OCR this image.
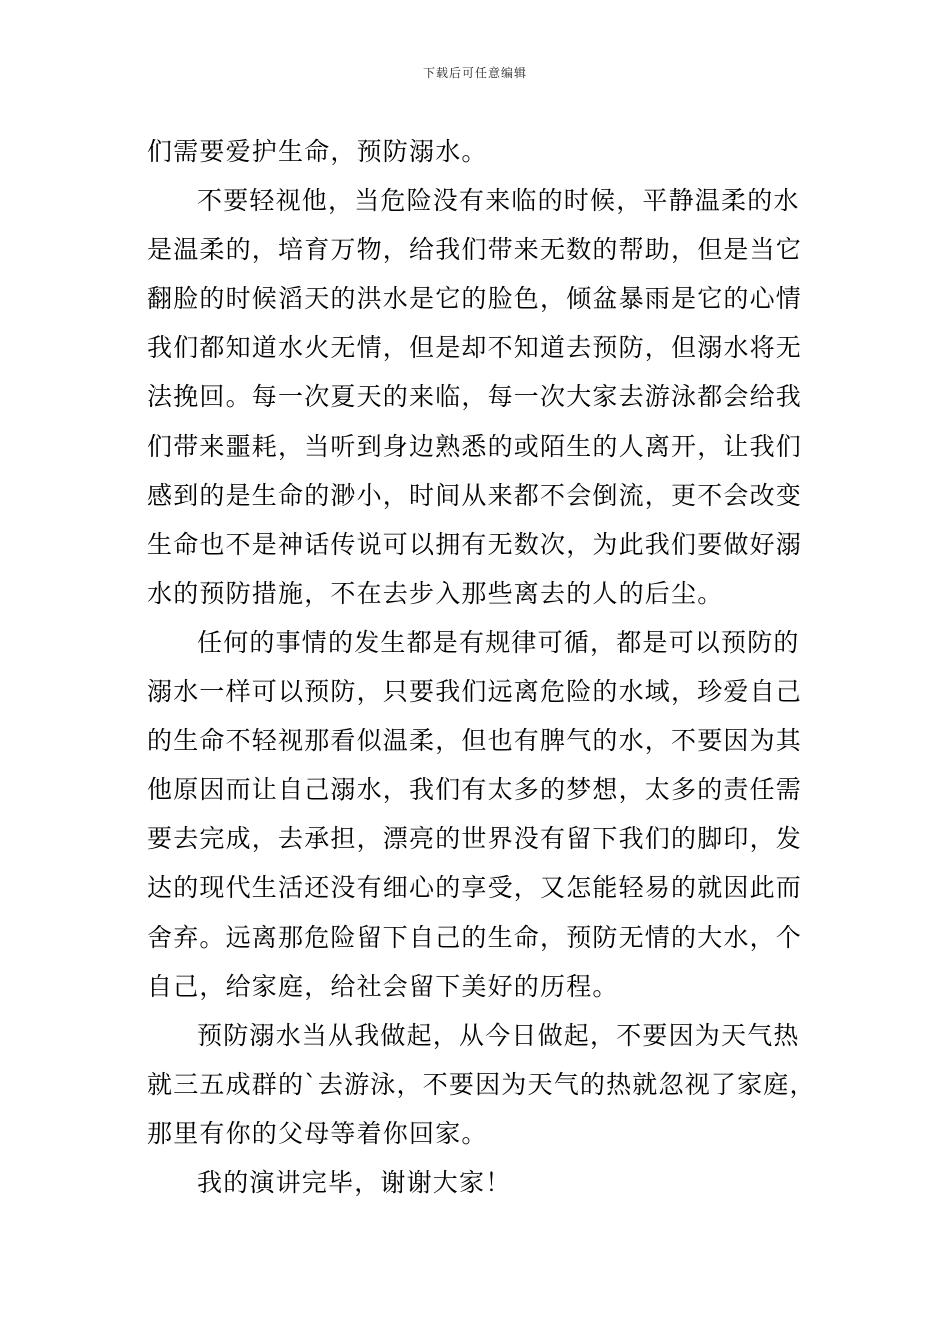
下载后可任意编辑
们需要爱护生命，预防溺水。
不要轻视他，当危险没有来临的时候，平静温柔的水
是温柔的，培育万物，给我们带来无数的帮助，但是当它
翻脸的时候滔天的洪水是它的脸色，倾盆暴雨是它的心情
我们都知道水火无情，但是却不知道去预防，但溺水将无
法挽回。每一次夏天的来临，每一次大家去游泳都会给我
们带来噩耗，当听到身边熟悉的或陌生的人离开，让我们
感到的是生命的渺小，时间从来都不会倒流，更不会改变
生命也不是神话传说可以拥有无数次，为此我们要做好溺
水的预防措施，不在去步入那些离去的人的后尘。
任何的事情的发生都是有规律可循，都是可以预防的
溺水一样可以预防，只要我们远离危险的水域，珍爱自己
的生命不轻视那看似温柔，但也有脾气的水，不要因为其
他原因而让自己溺水，我们有太多的梦想，太多的责任需
要去完成，去承担，漂亮的世界没有留下我们的脚印，发
达的现代生活还没有细心的享受，又怎能轻易的就因此而
舍弃。远离那危险留下自己的生命，预防无情的大水，个
自己，给家庭，给社会留下美好的历程。
预防溺水当从我做起，从今日做起，不要因为天气热
就三五成群的`去游泳，不要因为天气的热就忽视了家庭，
那里有你的父母等着你回家。
我的演讲完毕，谢谢大家！
